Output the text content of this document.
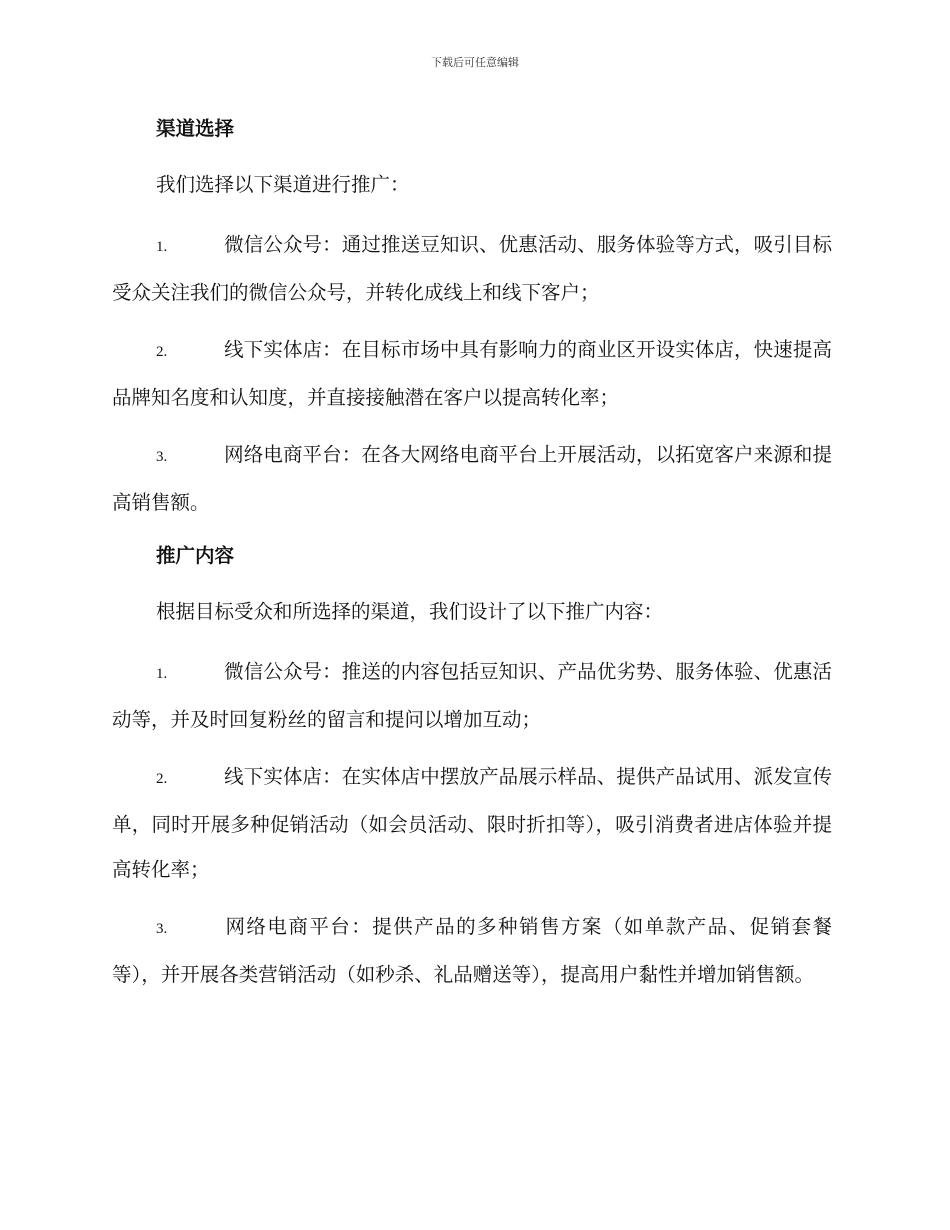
下载后可任意编辑
渠道选择
我们选择以下渠道进行推广：
1.	微信公众号：通过推送豆知识、优惠活动、服务体验等方式，吸引目标受众关注我们的微信公众号，并转化成线上和线下客户；
2.	线下实体店：在目标市场中具有影响力的商业区开设实体店，快速提高品牌知名度和认知度，并直接接触潜在客户以提高转化率；
3.	网络电商平台：在各大网络电商平台上开展活动，以拓宽客户来源和提高销售额。
推广内容
根据目标受众和所选择的渠道，我们设计了以下推广内容：
1.	微信公众号：推送的内容包括豆知识、产品优劣势、服务体验、优惠活动等，并及时回复粉丝的留言和提问以增加互动；
2.	线下实体店：在实体店中摆放产品展示样品、提供产品试用、派发宣传单，同时开展多种促销活动（如会员活动、限时折扣等），吸引消费者进店体验并提高转化率；
3.	网络电商平台：提供产品的多种销售方案（如单款产品、促销套餐等），并开展各类营销活动（如秒杀、礼品赠送等），提高用户黏性并增加销售额。
